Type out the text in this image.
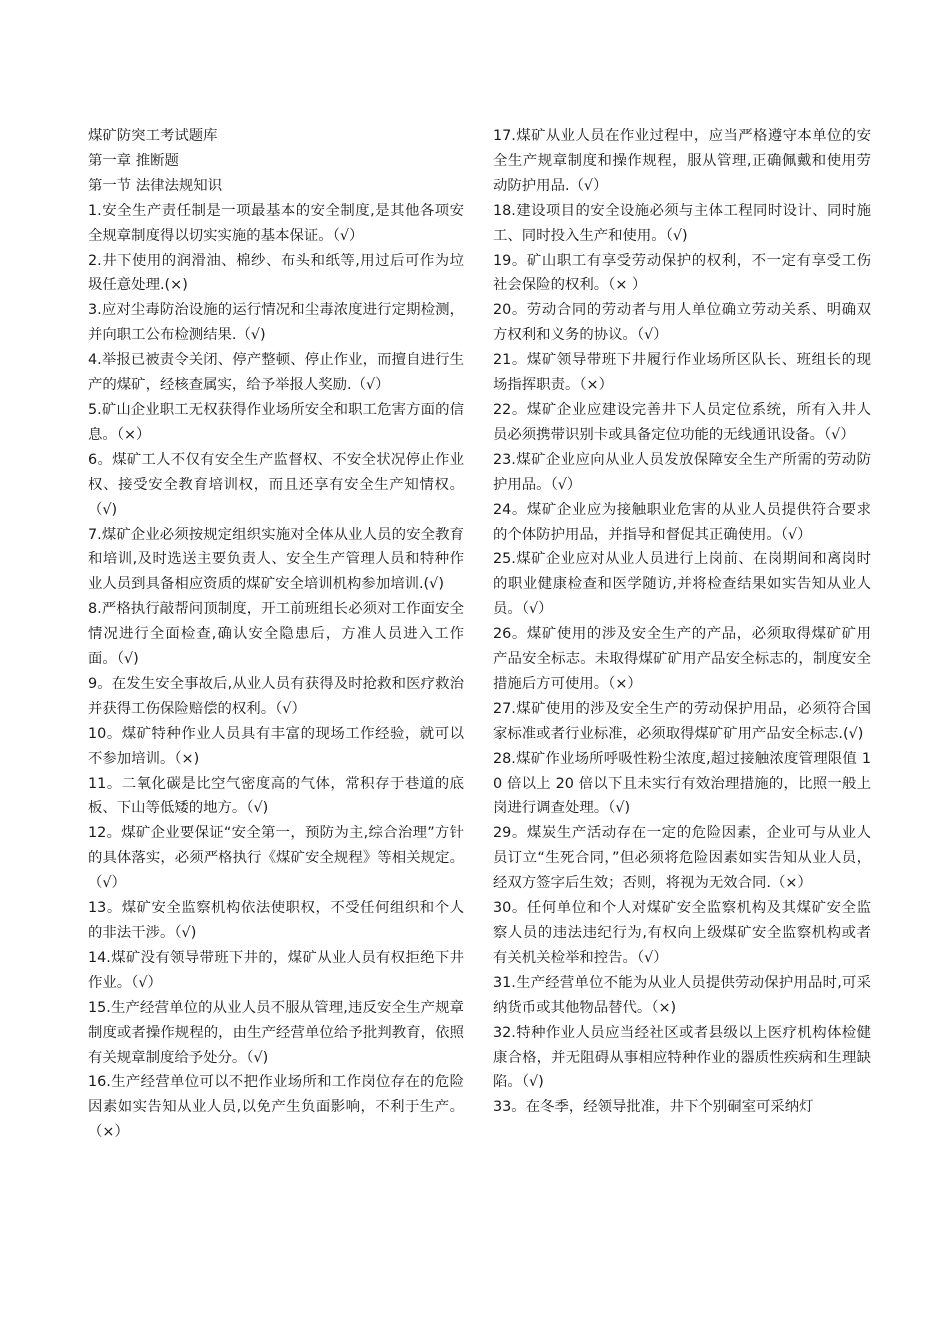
煤矿防突工考试题库
第一章 推断题
第一节 法律法规知识
1.安全生产责任制是一项最基本的安全制度,是其他各项安全规章制度得以切实实施的基本保证。（√）
2.井下使用的润滑油、棉纱、布头和纸等,用过后可作为垃圾任意处理.(×)
3.应对尘毒防治设施的运行情况和尘毒浓度进行定期检测，并向职工公布检测结果.（√)
4.举报已被责令关闭、停产整顿、停止作业，而擅自进行生产的煤矿，经核查属实，给予举报人奖励.（√）
5.矿山企业职工无权获得作业场所安全和职工危害方面的信息。（×）
6。煤矿工人不仅有安全生产监督权、不安全状况停止作业权、接受安全教育培训权，而且还享有安全生产知情权。（√)
7.煤矿企业必须按规定组织实施对全体从业人员的安全教育和培训,及时选送主要负责人、安全生产管理人员和特种作业人员到具备相应资质的煤矿安全培训机构参加培训.(√)
8.严格执行敲帮问顶制度，开工前班组长必须对工作面安全情况进行全面检查,确认安全隐患后，方准人员进入工作面。（√)
9。在发生安全事故后,从业人员有获得及时抢救和医疗救治并获得工伤保险赔偿的权利。（√）
10。煤矿特种作业人员具有丰富的现场工作经验，就可以不参加培训。（×)
11。二氧化碳是比空气密度高的气体，常积存于巷道的底板、下山等低矮的地方。（√)
12。煤矿企业要保证“安全第一，预防为主,综合治理”方针的具体落实，必须严格执行《煤矿安全规程》等相关规定。（√）
13。煤矿安全监察机构依法使职权，不受任何组织和个人的非法干涉。（√)
14.煤矿没有领导带班下井的，煤矿从业人员有权拒绝下井作业。（√）
15.生产经营单位的从业人员不服从管理,违反安全生产规章制度或者操作规程的，由生产经营单位给予批判教育，依照有关规章制度给予处分。（√)
16.生产经营单位可以不把作业场所和工作岗位存在的危险因素如实告知从业人员,以免产生负面影响，不利于生产。（×）
17.煤矿从业人员在作业过程中，应当严格遵守本单位的安全生产规章制度和操作规程，服从管理,正确佩戴和使用劳动防护用品.（√）
18.建设项目的安全设施必须与主体工程同时设计、同时施工、同时投入生产和使用。（√)
19。矿山职工有享受劳动保护的权利，不一定有享受工伤社会保险的权利。（× ）
20。劳动合同的劳动者与用人单位确立劳动关系、明确双方权利和义务的协议。（√）
21。煤矿领导带班下井履行作业场所区队长、班组长的现场指挥职责。（×）
22。煤矿企业应建设完善井下人员定位系统，所有入井人员必须携带识别卡或具备定位功能的无线通讯设备。（√）
23.煤矿企业应向从业人员发放保障安全生产所需的劳动防护用品。（√）
24。煤矿企业应为接触职业危害的从业人员提供符合要求的个体防护用品，并指导和督促其正确使用。（√）
25.煤矿企业应对从业人员进行上岗前、在岗期间和离岗时的职业健康检查和医学随访,并将检查结果如实告知从业人员。（√）
26。煤矿使用的涉及安全生产的产品，必须取得煤矿矿用产品安全标志。未取得煤矿矿用产品安全标志的，制度安全措施后方可使用。（×）
27.煤矿使用的涉及安全生产的劳动保护用品，必须符合国家标准或者行业标准，必须取得煤矿矿用产品安全标志.(√)
28.煤矿作业场所呼吸性粉尘浓度,超过接触浓度管理限值 10 倍以上 20 倍以下且未实行有效治理措施的，比照一般上岗进行调查处理。（√)
29。煤炭生产活动存在一定的危险因素，企业可与从业人员订立“生死合同，”但必须将危险因素如实告知从业人员，经双方签字后生效；否则，将视为无效合同.（×）
30。任何单位和个人对煤矿安全监察机构及其煤矿安全监察人员的违法违纪行为,有权向上级煤矿安全监察机构或者有关机关检举和控告。（√）
31.生产经营单位不能为从业人员提供劳动保护用品时,可采纳货币或其他物品替代。（×)
32.特种作业人员应当经社区或者县级以上医疗机构体检健康合格，并无阻碍从事相应特种作业的器质性疾病和生理缺陷。（√)
33。在冬季，经领导批准，井下个别硐室可采纳灯
